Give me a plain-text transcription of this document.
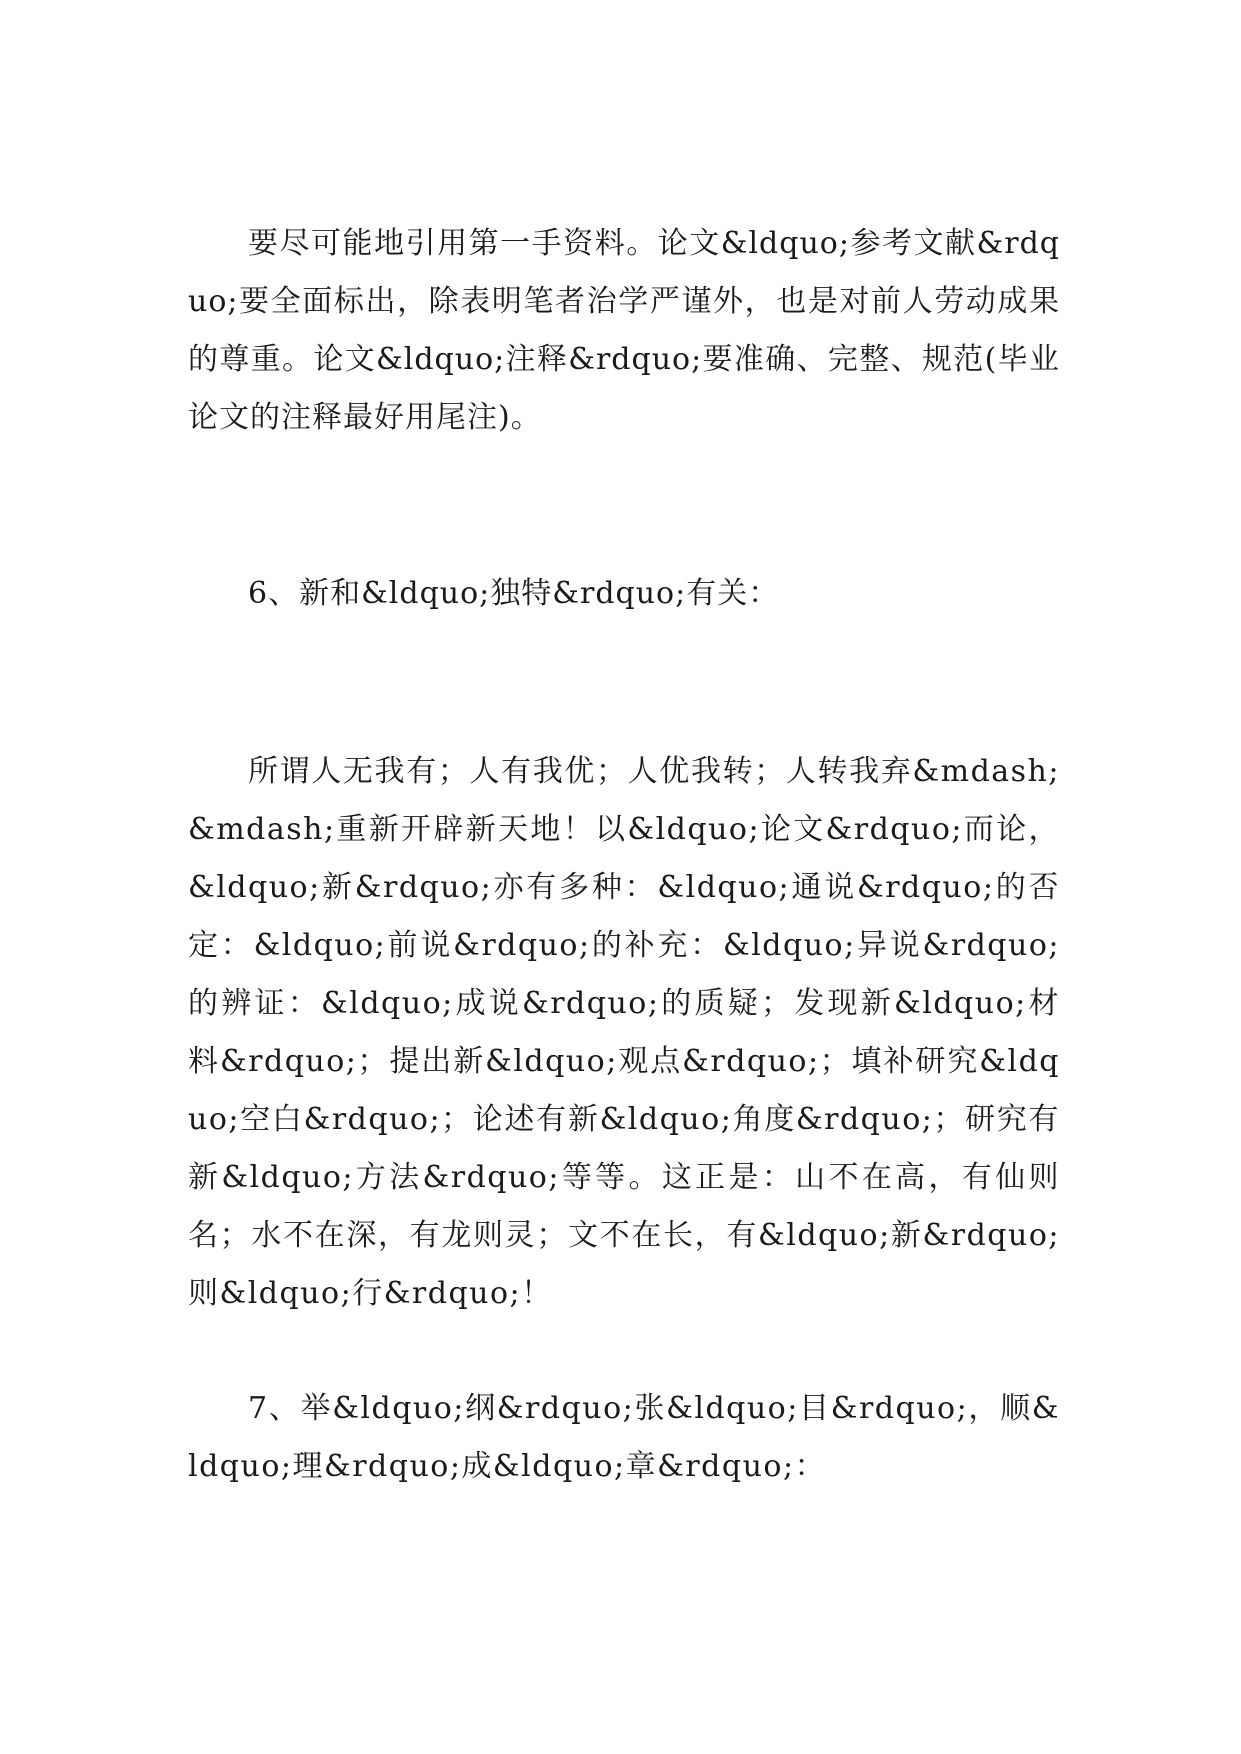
要尽可能地引用第一手资料。论文&ldquo;参考文献&rdquo;要全面标出，除表明笔者治学严谨外，也是对前人劳动成果的尊重。论文&ldquo;注释&rdquo;要准确、完整、规范(毕业论文的注释最好用尾注)。

6、新和&ldquo;独特&rdquo;有关：

所谓人无我有；人有我优；人优我转；人转我弃&mdash;&mdash;重新开辟新天地！以&ldquo;论文&rdquo;而论，&ldquo;新&rdquo;亦有多种：&ldquo;通说&rdquo;的否定：&ldquo;前说&rdquo;的补充：&ldquo;异说&rdquo;的辨证：&ldquo;成说&rdquo;的质疑；发现新&ldquo;材料&rdquo;；提出新&ldquo;观点&rdquo;；填补研究&ldquo;空白&rdquo;；论述有新&ldquo;角度&rdquo;；研究有新&ldquo;方法&rdquo;等等。这正是：山不在高，有仙则名；水不在深，有龙则灵；文不在长，有&ldquo;新&rdquo;则&ldquo;行&rdquo;！

7、举&ldquo;纲&rdquo;张&ldquo;目&rdquo;，顺&ldquo;理&rdquo;成&ldquo;章&rdquo;：
